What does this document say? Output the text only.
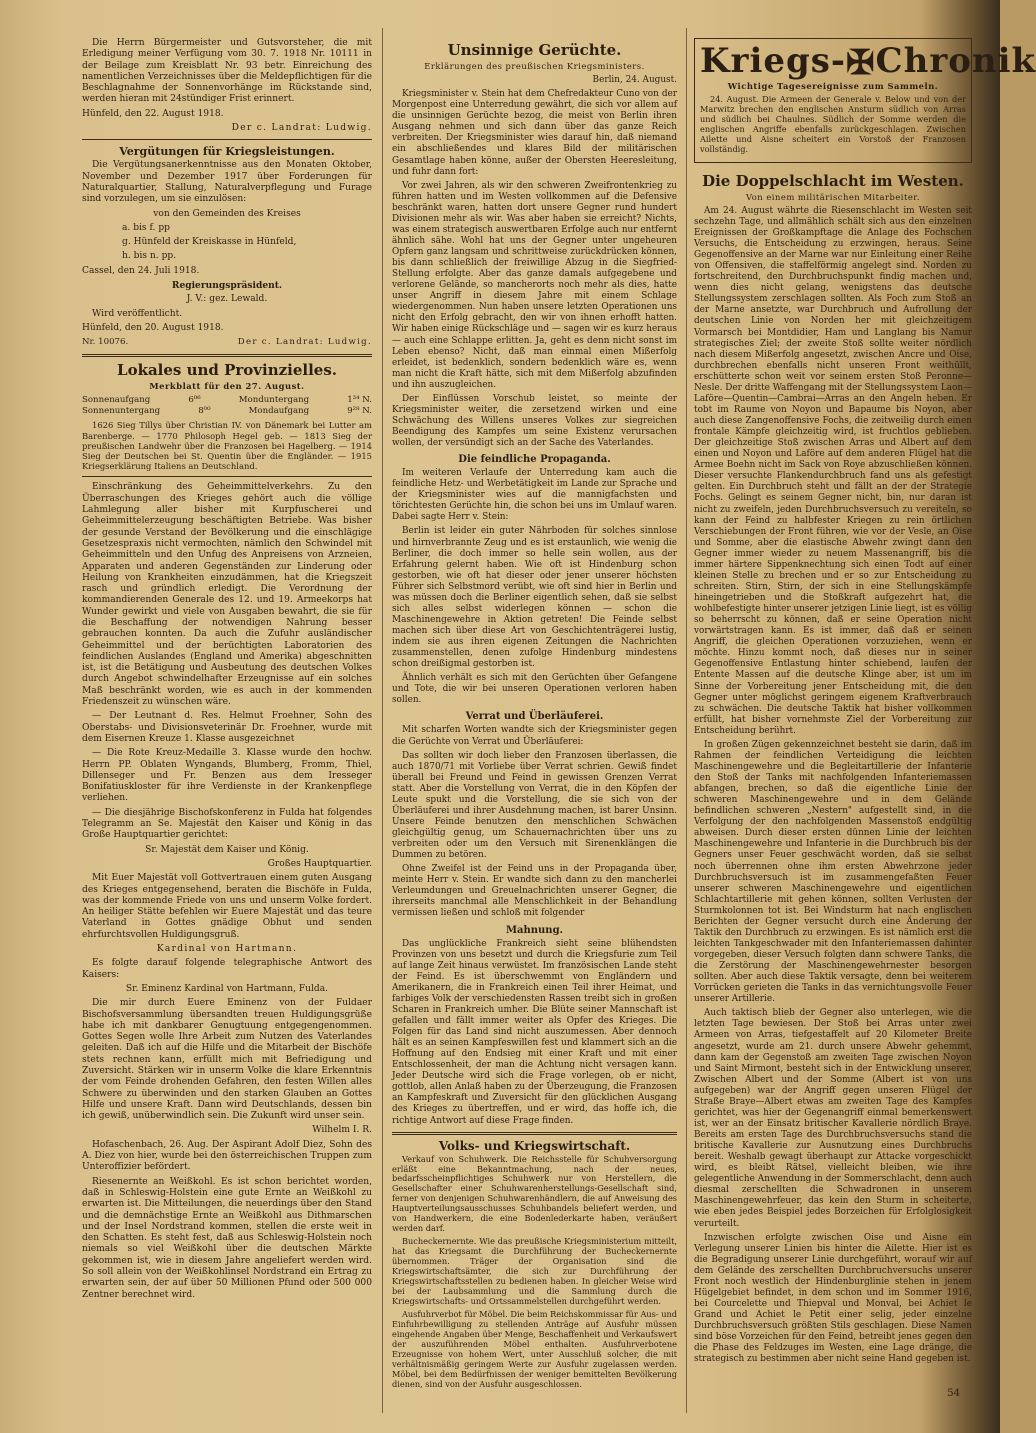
Die Herrn Bürgermeister und Gutsvorsteher, die mit Erledigung meiner Verfügung vom 30. 7. 1918 Nr. 10111 in der Beilage zum Kreisblatt Nr. 93 betr. Einreichung des namentlichen Verzeichnisses über die Meldepflichtigen für die Beschlagnahme der Sonnenvorhänge im Rückstande sind, werden hieran mit 24stündiger Frist erinnert.

Hünfeld, den 22. August 1918.

Der c. Landrat: Ludwig.

Vergütungen für Kriegsleistungen.

Die Vergütungsanerkenntnisse aus den Monaten Oktober, November und Dezember 1917 über Forderungen für Naturalquartier, Stallung, Naturalverpflegung und Furage sind vorzulegen, um sie einzulösen:

von den Gemeinden des Kreises

a. bis f. pp

g. Hünfeld der Kreiskasse in Hünfeld,

h. bis n. pp.

Cassel, den 24. Juli 1918.

Regierungspräsident.

J. V.: gez. Lewald.

Wird veröffentlicht.

Hünfeld, den 20. August 1918.

Nr. 10076.	Der c. Landrat: Ludwig.
Lokales und Provinzielles.
Merkblatt für den 27. August.
Sonnenaufgang	6⁰⁶	Monduntergang	1³⁴ N.
Sonnenuntergang	8⁰⁰	Mondaufgang	9²⁸ N.

1626 Sieg Tillys über Christian IV. von Dänemark bei Lutter am Barenberge. — 1770 Philosoph Hegel geb. — 1813 Sieg der preußischen Landwehr über die Franzosen bei Hagelberg. — 1914 Sieg der Deutschen bei St. Quentin über die Engländer. — 1915 Kriegserklärung Italiens an Deutschland.

Einschränkung des Geheimmittelverkehrs. Zu den Überraschungen des Krieges gehört auch die völlige Lahmlegung aller bisher mit Kurpfuscherei und Geheimmittelerzeugung beschäftigten Betriebe. Was bisher der gesunde Verstand der Bevölkerung und die einschlägige Gesetzespraxis nicht vermochten, nämlich den Schwindel mit Geheimmitteln und den Unfug des Anpreisens von Arzneien, Apparaten und anderen Gegenständen zur Linderung oder Heilung von Krankheiten einzudämmen, hat die Kriegszeit rasch und gründlich erledigt. Die Verordnung der kommandierenden Generale des 12. und 19. Armeekorps hat Wunder gewirkt und viele von Ausgaben bewahrt, die sie für die Beschaffung der notwendigen Nahrung besser gebrauchen konnten. Da auch die Zufuhr ausländischer Geheimmittel und der berüchtigten Laboratorien des feindlichen Auslandes (England und Amerika) abgeschnitten ist, ist die Betätigung und Ausbeutung des deutschen Volkes durch Angebot schwindelhafter Erzeugnisse auf ein solches Maß beschränkt worden, wie es auch in der kommenden Friedenszeit zu wünschen wäre.

— Der Leutnant d. Res. Helmut Froehner, Sohn des Oberstabs- und Divisionsveterinär Dr. Froehner, wurde mit dem Eisernen Kreuze 1. Klasse ausgezeichnet

— Die Rote Kreuz-Medaille 3. Klasse wurde den hochw. Herrn PP. Oblaten Wyngands, Blumberg, Fromm, Thiel, Dillenseger und Fr. Benzen aus dem Iresseger Bonifatiuskloster für ihre Verdienste in der Krankenpflege verliehen.

— Die diesjährige Bischofskonferenz in Fulda hat folgendes Telegramm an Se. Majestät den Kaiser und König in das Große Hauptquartier gerichtet:

Sr. Majestät dem Kaiser und König.

Großes Hauptquartier.

Mit Euer Majestät voll Gottvertrauen einem guten Ausgang des Krieges entgegensehend, beraten die Bischöfe in Fulda, was der kommende Friede von uns und unserm Volke fordert. An heiliger Stätte befehlen wir Euere Majestät und das teure Vaterland in Gottes gnädige Obhut und senden ehrfurchtsvollen Huldigungsgruß.

Kardinal von Hartmann.

Es folgte darauf folgende telegraphische Antwort des Kaisers:

Sr. Eminenz Kardinal von Hartmann, Fulda.

Die mir durch Euere Eminenz von der Fuldaer Bischofsversammlung übersandten treuen Huldigungsgrüße habe ich mit dankbarer Genugtuung entgegengenommen. Gottes Segen wolle Ihre Arbeit zum Nutzen des Vaterlandes geleiten. Daß ich auf die Hilfe und die Mitarbeit der Bischöfe stets rechnen kann, erfüllt mich mit Befriedigung und Zuversicht. Stärken wir in unserm Volke die klare Erkenntnis der vom Feinde drohenden Gefahren, den festen Willen alles Schwere zu überwinden und den starken Glauben an Gottes Hilfe und unsere Kraft. Dann wird Deutschlands, dessen bin ich gewiß, unüberwindlich sein. Die Zukunft wird unser sein.

Wilhelm I. R.

Hofaschenbach, 26. Aug. Der Aspirant Adolf Diez, Sohn des A. Diez von hier, wurde bei den österreichischen Truppen zum Unteroffizier befördert.

Riesenernte an Weißkohl. Es ist schon berichtet worden, daß in Schleswig-Holstein eine gute Ernte an Weißkohl zu erwarten ist. Die Mitteilungen, die neuerdings über den Stand und die demnächstige Ernte an Weißkohl aus Dithmarschen und der Insel Nordstrand kommen, stellen die erste weit in den Schatten. Es steht fest, daß aus Schleswig-Holstein noch niemals so viel Weißkohl über die deutschen Märkte gekommen ist, wie in diesem Jahre angeliefert werden wird. So soll allein von der Weißkohlinsel Nordstrand ein Ertrag zu erwarten sein, der auf über 50 Millionen Pfund oder 500 000 Zentner berechnet wird.

Unsinnige Gerüchte.
Erklärungen des preußischen Kriegsministers.

Berlin, 24. August.

Kriegsminister v. Stein hat dem Chefredakteur Cuno von der Morgenpost eine Unterredung gewährt, die sich vor allem auf die unsinnigen Gerüchte bezog, die meist von Berlin ihren Ausgang nehmen und sich dann über das ganze Reich verbreiten. Der Kriegsminister wies darauf hin, daß niemand ein abschließendes und klares Bild der militärischen Gesamtlage haben könne, außer der Obersten Heeresleitung, und fuhr dann fort:

Vor zwei Jahren, als wir den schweren Zweifrontenkrieg zu führen hatten und im Westen vollkommen auf die Defensive beschränkt waren, hatten dort unsere Gegner rund hundert Divisionen mehr als wir. Was aber haben sie erreicht? Nichts, was einem strategisch auswertbaren Erfolge auch nur entfernt ähnlich sähe. Wohl hat uns der Gegner unter ungeheuren Opfern ganz langsam und schrittweise zurückdrücken können, bis dann schließlich der freiwillige Abzug in die Siegfried-Stellung erfolgte. Aber das ganze damals aufgegebene und verlorene Gelände, so mancherorts noch mehr als dies, hatte unser Angriff in diesem Jahre mit einem Schlage wiedergenommen. Nun haben unsere letzten Operationen uns nicht den Erfolg gebracht, den wir von ihnen erhofft hatten. Wir haben einige Rückschläge und — sagen wir es kurz heraus — auch eine Schlappe erlitten. Ja, geht es denn nicht sonst im Leben ebenso? Nicht, daß man einmal einen Mißerfolg erleidet, ist bedenklich, sondern bedenklich wäre es, wenn man nicht die Kraft hätte, sich mit dem Mißerfolg abzufinden und ihn auszugleichen.

Der Einflüssen Vorschub leistet, so meinte der Kriegsminister weiter, die zersetzend wirken und eine Schwächung des Willens unseres Volkes zur siegreichen Beendigung des Kampfes um seine Existenz verursachen wollen, der versündigt sich an der Sache des Vaterlandes.

Die feindliche Propaganda.

Im weiteren Verlaufe der Unterredung kam auch die feindliche Hetz- und Werbetätigkeit im Lande zur Sprache und der Kriegsminister wies auf die mannigfachsten und törichtesten Gerüchte hin, die schon bei uns im Umlauf waren. Dabei sagte Herr v. Stein:

Berlin ist leider ein guter Nährboden für solches sinnlose und hirnverbrannte Zeug und es ist erstaunlich, wie wenig die Berliner, die doch immer so helle sein wollen, aus der Erfahrung gelernt haben. Wie oft ist Hindenburg schon gestorben, wie oft hat dieser oder jener unserer höchsten Führer sich Selbstmord verübt, wie oft sind hier in Berlin und was müssen doch die Berliner eigentlich sehen, daß sie selbst sich alles selbst widerlegen können — schon die Maschinengewehre in Aktion getreten! Die Feinde selbst machen sich über diese Art von Geschichtenträgerei lustig, indem sie aus ihren eigenen Zeitungen die Nachrichten zusammenstellen, denen zufolge Hindenburg mindestens schon dreißigmal gestorben ist.

Ähnlich verhält es sich mit den Gerüchten über Gefangene und Tote, die wir bei unseren Operationen verloren haben sollen.

Verrat und Überläuferei.

Mit scharfen Worten wandte sich der Kriegsminister gegen die Gerüchte von Verrat und Überläuferei:

Das sollten wir doch lieber den Franzosen überlassen, die auch 1870/71 mit Vorliebe über Verrat schrien. Gewiß findet überall bei Freund und Feind in gewissen Grenzen Verrat statt. Aber die Vorstellung von Verrat, die in den Köpfen der Leute spukt und die Vorstellung, die sie sich von der Überläuferei und ihrer Ausdehnung machen, ist barer Unsinn. Unsere Feinde benutzen den menschlichen Schwächen gleichgültig genug, um Schauernachrichten über uns zu verbreiten oder um den Versuch mit Sirenenklängen die Dummen zu betören.

Ohne Zweifel ist der Feind uns in der Propaganda über, meinte Herr v. Stein. Er wandte sich dann zu den mancherlei Verleumdungen und Greuelnachrichten unserer Gegner, die ihrerseits manchmal alle Menschlichkeit in der Behandlung vermissen ließen und schloß mit folgender

Mahnung.

Das unglückliche Frankreich sieht seine blühendsten Provinzen von uns besetzt und durch die Kriegsfurie zum Teil auf lange Zeit hinaus verwüstet. Im französischen Lande steht der Feind. Es ist überschwemmt von Engländern und Amerikanern, die in Frankreich einen Teil ihrer Heimat, und farbiges Volk der verschiedensten Rassen treibt sich in großen Scharen in Frankreich umher. Die Blüte seiner Mannschaft ist gefallen und fällt immer weiter als Opfer des Krieges. Die Folgen für das Land sind nicht auszumessen. Aber dennoch hält es an seinen Kampfeswillen fest und klammert sich an die Hoffnung auf den Endsieg mit einer Kraft und mit einer Entschlossenheit, der man die Achtung nicht versagen kann. Jeder Deutsche wird sich die Frage vorlegen, ob er nicht, gottlob, allen Anlaß haben zu der Überzeugung, die Franzosen an Kampfeskraft und Zuversicht für den glücklichen Ausgang des Krieges zu übertreffen, und er wird, das hoffe ich, die richtige Antwort auf diese Frage finden.

Volks- und Kriegswirtschaft.

Verkauf von Schuhwerk. Die Reichsstelle für Schuhversorgung erläßt eine Bekanntmachung, nach der neues, bedarfsscheinpflichtiges Schuhwerk nur von Herstellern, die Gesellschafter einer Schuhwarenherstellungs-Gesellschaft sind, ferner von denjenigen Schuhwarenhändlern, die auf Anweisung des Hauptverteilungsausschusses Schuhbandels beliefert werden, und von Handwerkern, die eine Bodenlederkarte haben, veräußert werden darf.

Bucheckernernte. Wie das preußische Kriegsministerium mitteilt, hat das Kriegsamt die Durchführung der Bucheckernernte übernommen. Träger der Organisation sind die Kriegswirtschaftsämter, die sich zur Durchführung der Kriegswirtschaftsstellen zu bedienen haben. In gleicher Weise wird bei der Laubsammlung und die Sammlung durch die Kriegswirtschafts- und Ortssammelstellen durchgeführt werden.

Ausfuhrverbot für Möbel. Die beim Reichskommissar für Aus- und Einfuhrbewilligung zu stellenden Anträge auf Ausfuhr müssen eingehende Angaben über Menge, Beschaffenheit und Verkaufswert der auszuführenden Möbel enthalten. Ausfuhrverbotene Erzeugnisse von hohem Wert, unter Ausschluß solcher, die mit verhältnismäßig geringem Werte zur Ausfuhr zugelassen werden. Möbel, bei dem Bedürfnissen der weniger bemittelten Bevölkerung dienen, sind von der Ausfuhr ausgeschlossen.

Kriegs-✠Chronik
Wichtige Tagesereignisse zum Sammeln.

24. August. Die Armeen der Generale v. Below und von der Marwitz brechen den englischen Ansturm südlich von Arras und südlich bei Chaulnes. Südlich der Somme werden die englischen Angriffe ebenfalls zurückgeschlagen. Zwischen Ailette und Aisne scheitert ein Vorstoß der Franzosen vollständig.

Die Doppelschlacht im Westen.
Von einem militärischen Mitarbeiter.

Am 24. August währte die Riesenschlacht im Westen seit sechzehn Tage, und allmählich schält sich aus den einzelnen Ereignissen der Großkampftage die Anlage des Fochschen Versuchs, die Entscheidung zu erzwingen, heraus. Seine Gegenoffensive an der Marne war nur Einleitung einer Reihe von Offensiven, die staffelförmig angelegt sind. Norden zu fortschreitend, den Durchbruchspunkt findig machen und, wenn dies nicht gelang, wenigstens das deutsche Stellungssystem zerschlagen sollten. Als Foch zum Stoß an der Marne ansetzte, war Durchbruch und Aufrollung der deutschen Linie von Norden her mit gleichzeitigem Vormarsch bei Montdidier, Ham und Langlang bis Namur strategisches Ziel; der zweite Stoß sollte weiter nördlich nach diesem Mißerfolg angesetzt, zwischen Ancre und Oise, durchbrechen ebenfalls nicht unseren Front weithüllt, erschütterte schon weit vor seinem ersten Stoß Peronne—Nesle. Der dritte Waffengang mit der Stellungssystem Laon—Laföre—Quentin—Cambrai—Arras an den Angeln heben. Er tobt im Raume von Noyon und Bapaume bis Noyon, aber auch diese Zangenoffensive Fochs, die zeitweilig durch einen frontale Kämpfe gleichzeitig wird, ist fruchtlos geblieben. Der gleichzeitige Stoß zwischen Arras und Albert auf dem einen und Noyon und Laföre auf dem anderen Flügel hat die Armee Boehn nicht im Sack von Roye abzuschließen können. Dieser versuchte Flankendurchbruch fand uns als gefestigt gelten. Ein Durchbruch steht und fällt an der der Strategie Fochs. Gelingt es seinem Gegner nicht, bin, nur daran ist nicht zu zweifeln, jeden Durchbruchsversuch zu vereiteln, so kann der Feind zu halbfester Kriegen zu rein örtlichen Verschiebungen der Front führen, wie vor der Vesle, an Oise und Somme, aber die elastische Abwehr zwingt dann den Gegner immer wieder zu neuem Massenangriff, bis die immer härtere Sippenknechtung sich einen Todt auf einer kleinen Stelle zu brechen und er so zur Entscheidung zu schreiten. Stirn, Stirn, der sich in eine Stellungskämpfe hineingetrieben und die Stoßkraft aufgezehrt hat, die wohlbefestigte hinter unserer jetzigen Linie liegt, ist es völlig so beherrscht zu können, daß er seine Operation nicht vorwärtstragen kann. Es ist immer, daß daß er seinen Angriff, die gleichen Operationen vorzuziehen, wenn er möchte. Hinzu kommt noch, daß dieses nur in seiner Gegenoffensive Entlastung hinter schiebend, laufen der Entente Massen auf die deutsche Klinge aber, ist um im Sinne der Vorbereitung jener Entscheidung mit, die den Gegner unter möglichst geringem eigenem Kraftverbrauch zu schwächen. Die deutsche Taktik hat bisher vollkommen erfüllt, hat bisher vornehmste Ziel der Vorbereitung zur Entscheidung berührt.

In großen Zügen gekennzeichnet besteht sie darin, daß im Rahmen der feindlichen Verteidigung die leichten Maschinengewehre und die Begleitartillerie der Infanterie den Stoß der Tanks mit nachfolgenden Infanteriemassen abfangen, brechen, so daß die eigentliche Linie der schweren Maschinengewehre und in dem Gelände befindlichen schweren „Nestern" aufgestellt sind, in die Verfolgung der den nachfolgenden Massenstoß endgültig abweisen. Durch dieser ersten dünnen Linie der leichten Maschinengewehre und Infanterie in die Durchbruch bis der Gegners unser Feuer geschwächt worden, daß sie selbst noch überrennen ohne ihm ersten Abwehrzone jeder Durchbruchsversuch ist im zusammengefaßten Feuer unserer schweren Maschinengewehre und eigentlichen Schlachtartillerie mit gehen können, sollten Verlusten der Sturmkolonnen tot ist. Bei Windsturm hat nach englischen Berichten der Gegner versucht durch eine Änderung der Taktik den Durchbruch zu erzwingen. Es ist nämlich erst die leichten Tankgeschwader mit den Infanteriemassen dahinter vorgegeben, dieser Versuch folgten dann schwere Tanks, die die Zerstörung der Maschinengewehrnester besorgen sollten. Aber auch diese Taktik versagte, denn bei weiterem Vorrücken gerieten die Tanks in das vernichtungsvolle Feuer unserer Artillerie.

Auch taktisch blieb der Gegner also unterlegen, wie die letzten Tage bewiesen. Der Stoß bei Arras unter zwei Armeen von Arras, tiefgestaffelt auf 20 Kilometer Breite angesetzt, wurde am 21. durch unsere Abwehr gehemmt, dann kam der Gegenstoß am zweiten Tage zwischen Noyon und Saint Mirmont, besteht sich in der Entwicklung unserer, Zwischen Albert und der Somme (Albert ist von uns aufgegeben) war der Angriff gegen unseren Flügel der Straße Braye—Albert etwas am zweiten Tage des Kampfes gerichtet, was hier der Gegenangriff einmal bemerkenswert ist, wer an der Einsatz britischer Kavallerie nördlich Braye. Bereits am ersten Tage des Durchbruchsversuchs stand die britische Kavallerie zur Ausnutzung eines Durchbruchs bereit. Weshalb gewagt überhaupt zur Attacke vorgeschickt wird, es bleibt Rätsel, vielleicht bleiben, wie ihre gelegentliche Anwendung in der Sommerschlacht, denn auch diesmal zerschellten die Schwadronen in unserem Maschinengewehrfeuer, das kein den Sturm in scheiterte, wie eben jedes Beispiel jedes Borzeichen für Erfolglosigkeit verurteilt.

Inzwischen erfolgte zwischen Oise und Aisne ein Verlegung unserer Linien bis hinter die Ailette. Hier ist es die Begradigung unserer Linie durchgeführt, worauf wir auf dem Gelände des zerschellten Durchbruchversuchs unserer Front noch westlich der Hindenburglinie stehen in jenem Hügelgebiet befindet, in dem schon und im Sommer 1916, bei Courcelette und Thiepval und Monval, bei Achiet le Grand und Achiet le Petit einer selig, jeder einzelne Durchbruchsversuch größten Stils geschlagen. Diese Namen sind böse Vorzeichen für den Feind, betreibt jenes gegen den die Phase des Feldzuges im Westen, eine Lage dränge, die strategisch zu bestimmen aber nicht seine Hand gegeben ist.

54
